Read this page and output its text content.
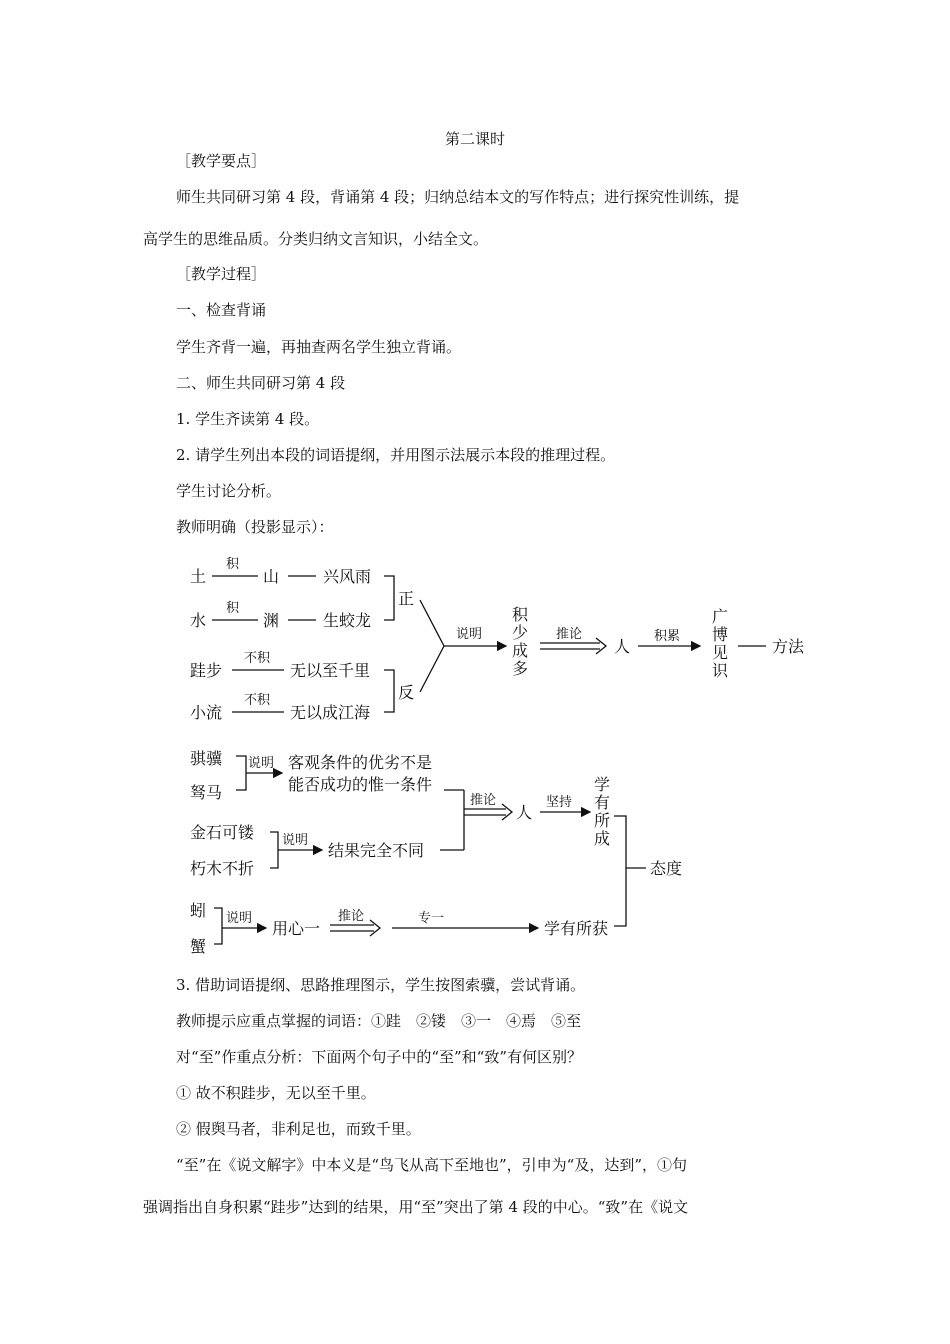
第二课时
［教学要点］
师生共同研习第 4 段，背诵第 4 段；归纳总结本文的写作特点；进行探究性训练，提
高学生的思维品质。分类归纳文言知识，小结全文。
［教学过程］
一、检查背诵
学生齐背一遍，再抽查两名学生独立背诵。
二、师生共同研习第 4 段
1. 学生齐读第 4 段。
2. 请学生列出本段的词语提纲，并用图示法展示本段的推理过程。
学生讨论分析。
教师明确（投影显示）：
土
积
山	兴风雨
水
积
渊	生蛟龙
正
跬步
不积
无以至千里
小流
不积
无以成江海
反
说明
积
少
成
多
推论
人
积累
广
博
见
识
方法
骐骥
驽马
说明 客观条件的优劣不是
能否成功的惟一条件
金石可镂
朽木不折
说明
结果完全不同
推论
人
坚持
学
有
所
成
态度
蚓
蟹
说明
用心一
推论	专一
学有所获
3. 借助词语提纲、思路推理图示，学生按图索骥，尝试背诵。
教师提示应重点掌握的词语：①跬　②镂　③一　④焉　⑤至
对“至”作重点分析：下面两个句子中的“至”和“致”有何区别？
① 故不积跬步，无以至千里。
② 假舆马者，非利足也，而致千里。
“至”在《说文解字》中本义是“鸟飞从高下至地也”，引申为“及，达到”，①句
强调指出自身积累“跬步”达到的结果，用“至”突出了第 4 段的中心。“致”在《说文
